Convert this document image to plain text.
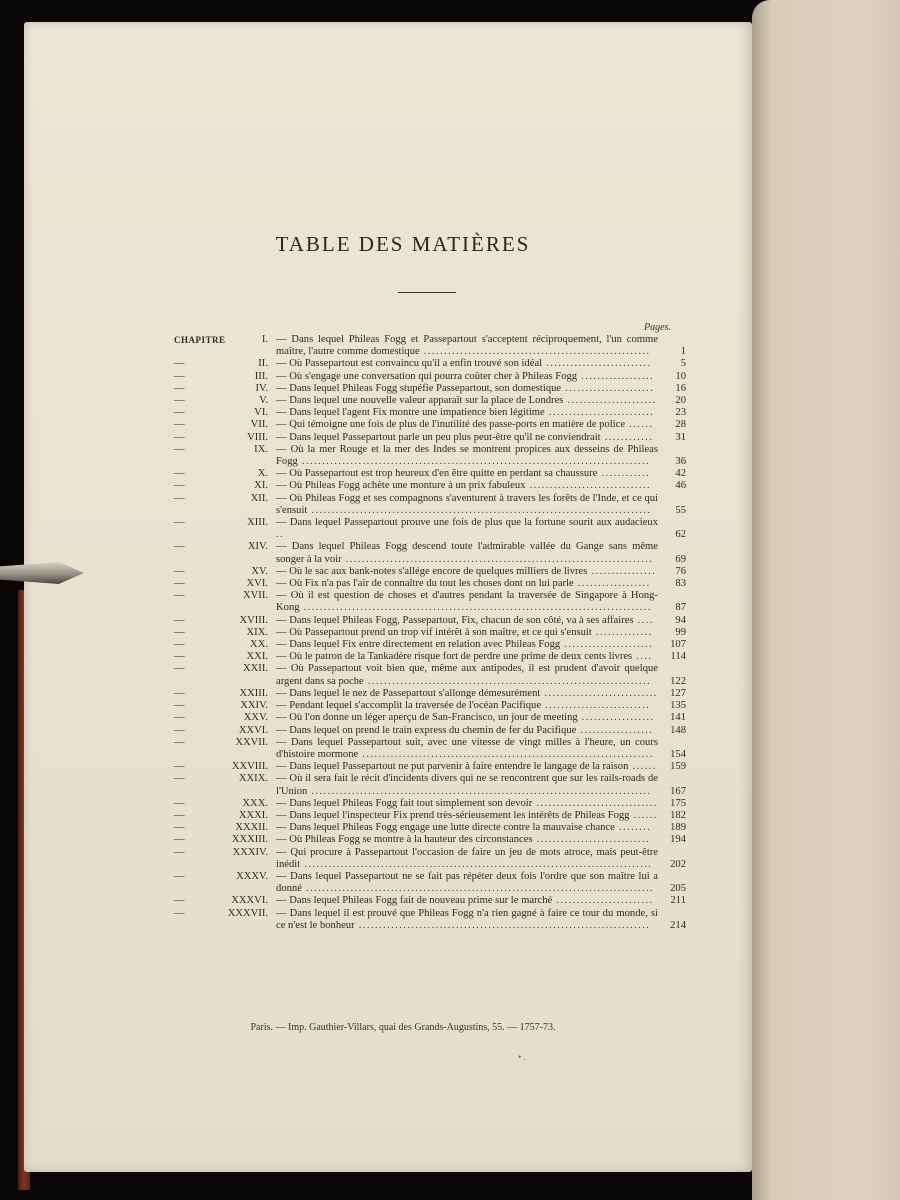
TABLE DES MATIÈRES
Pages.
CHAPITRE	I. — Dans lequel Phileas Fogg et Passepartout s'acceptent réciproquement, l'un comme maître, l'autre comme domestique ........................................................	1
—	II. — Où Passepartout est convaincu qu'il a enfin trouvé son idéal ..........................	5
—	III. — Où s'engage une conversation qui pourra coûter cher à Phileas Fogg ..................	10
—	IV. — Dans lequel Phileas Fogg stupéfie Passepartout, son domestique ......................	16
—	V. — Dans lequel une nouvelle valeur apparaît sur la place de Londres ......................	20
—	VI. — Dans lequel l'agent Fix montre une impatience bien légitime ..........................	23
—	VII. — Qui témoigne une fois de plus de l'inutilité des passe-ports en matière de police ......	28
—	VIII. — Dans lequel Passepartout parle un peu plus peut-être qu'il ne conviendrait ............	31
—	IX. — Où la mer Rouge et la mer des Indes se montrent propices aux desseins de Phileas Fogg ......................................................................................	36
—	X. — Où Passepartout est trop heureux d'en être quitte en perdant sa chaussure ............	42
—	XI. — Où Phileas Fogg achète une monture à un prix fabuleux ..............................	46
—	XII. — Où Phileas Fogg et ses compagnons s'aventurent à travers les forêts de l'Inde, et ce qui s'ensuit ....................................................................................	55
—	XIII. — Dans lequel Passepartout prouve une fois de plus que la fortune sourit aux audacieux ..	62
—	XIV. — Dans lequel Phileas Fogg descend toute l'admirable vallée du Gange sans même songer à la voir ............................................................................	69
—	XV. — Où le sac aux bank-notes s'allége encore de quelques milliers de livres ................	76
—	XVI. — Où Fix n'a pas l'air de connaître du tout les choses dont on lui parle ..................	83
—	XVII. — Où il est question de choses et d'autres pendant la traversée de Singapore à Hong-Kong ......................................................................................	87
—	XVIII. — Dans lequel Phileas Fogg, Passepartout, Fix, chacun de son côté, va à ses affaires ....	94
—	XIX. — Où Passepartout prend un trop vif intérêt à son maître, et ce qui s'ensuit ..............	99
—	XX. — Dans lequel Fix entre directement en relation avec Phileas Fogg ......................	107
—	XXI. — Où le patron de la Tankadère risque fort de perdre une prime de deux cents livres ....	114
—	XXII. — Où Passepartout voit bien que, même aux antipodes, il est prudent d'avoir quelque argent dans sa poche ......................................................................	122
—	XXIII. — Dans lequel le nez de Passepartout s'allonge démesurément ............................	127
—	XXIV. — Pendant lequel s'accomplit la traversée de l'océan Pacifique ..........................	135
—	XXV. — Où l'on donne un léger aperçu de San-Francisco, un jour de meeting ..................	141
—	XXVI. — Dans lequel on prend le train express du chemin de fer du Pacifique ..................	148
—	XXVII. — Dans lequel Passepartout suit, avec une vitesse de vingt milles à l'heure, un cours d'histoire mormone ........................................................................	154
—	XXVIII. — Dans lequel Passepartout ne put parvenir à faire entendre le langage de la raison ......	159
—	XXIX. — Où il sera fait le récit d'incidents divers qui ne se rencontrent que sur les rails-roads de l'Union ....................................................................................	167
—	XXX. — Dans lequel Phileas Fogg fait tout simplement son devoir ..............................	175
—	XXXI. — Dans lequel l'inspecteur Fix prend très-sérieusement les intérêts de Phileas Fogg ......	182
—	XXXII. — Dans lequel Phileas Fogg engage une lutte directe contre la mauvaise chance ........	189
—	XXXIII. — Où Phileas Fogg se montre à la hauteur des circonstances ............................	194
—	XXXIV. — Qui procure à Passepartout l'occasion de faire un jeu de mots atroce, mais peut-être inédit ......................................................................................	202
—	XXXV. — Dans lequel Passepartout ne se fait pas répéter deux fois l'ordre que son maître lui a donné ......................................................................................	205
—	XXXVI. — Dans lequel Phileas Fogg fait de nouveau prime sur le marché ........................	211
—	XXXVII. — Dans lequel il est prouvé que Phileas Fogg n'a rien gagné à faire ce tour du monde, si ce n'est le bonheur ........................................................................	214
Paris. — Imp. Gauthier-Villars, quai des Grands-Augustins, 55. — 1757-73.
• .
